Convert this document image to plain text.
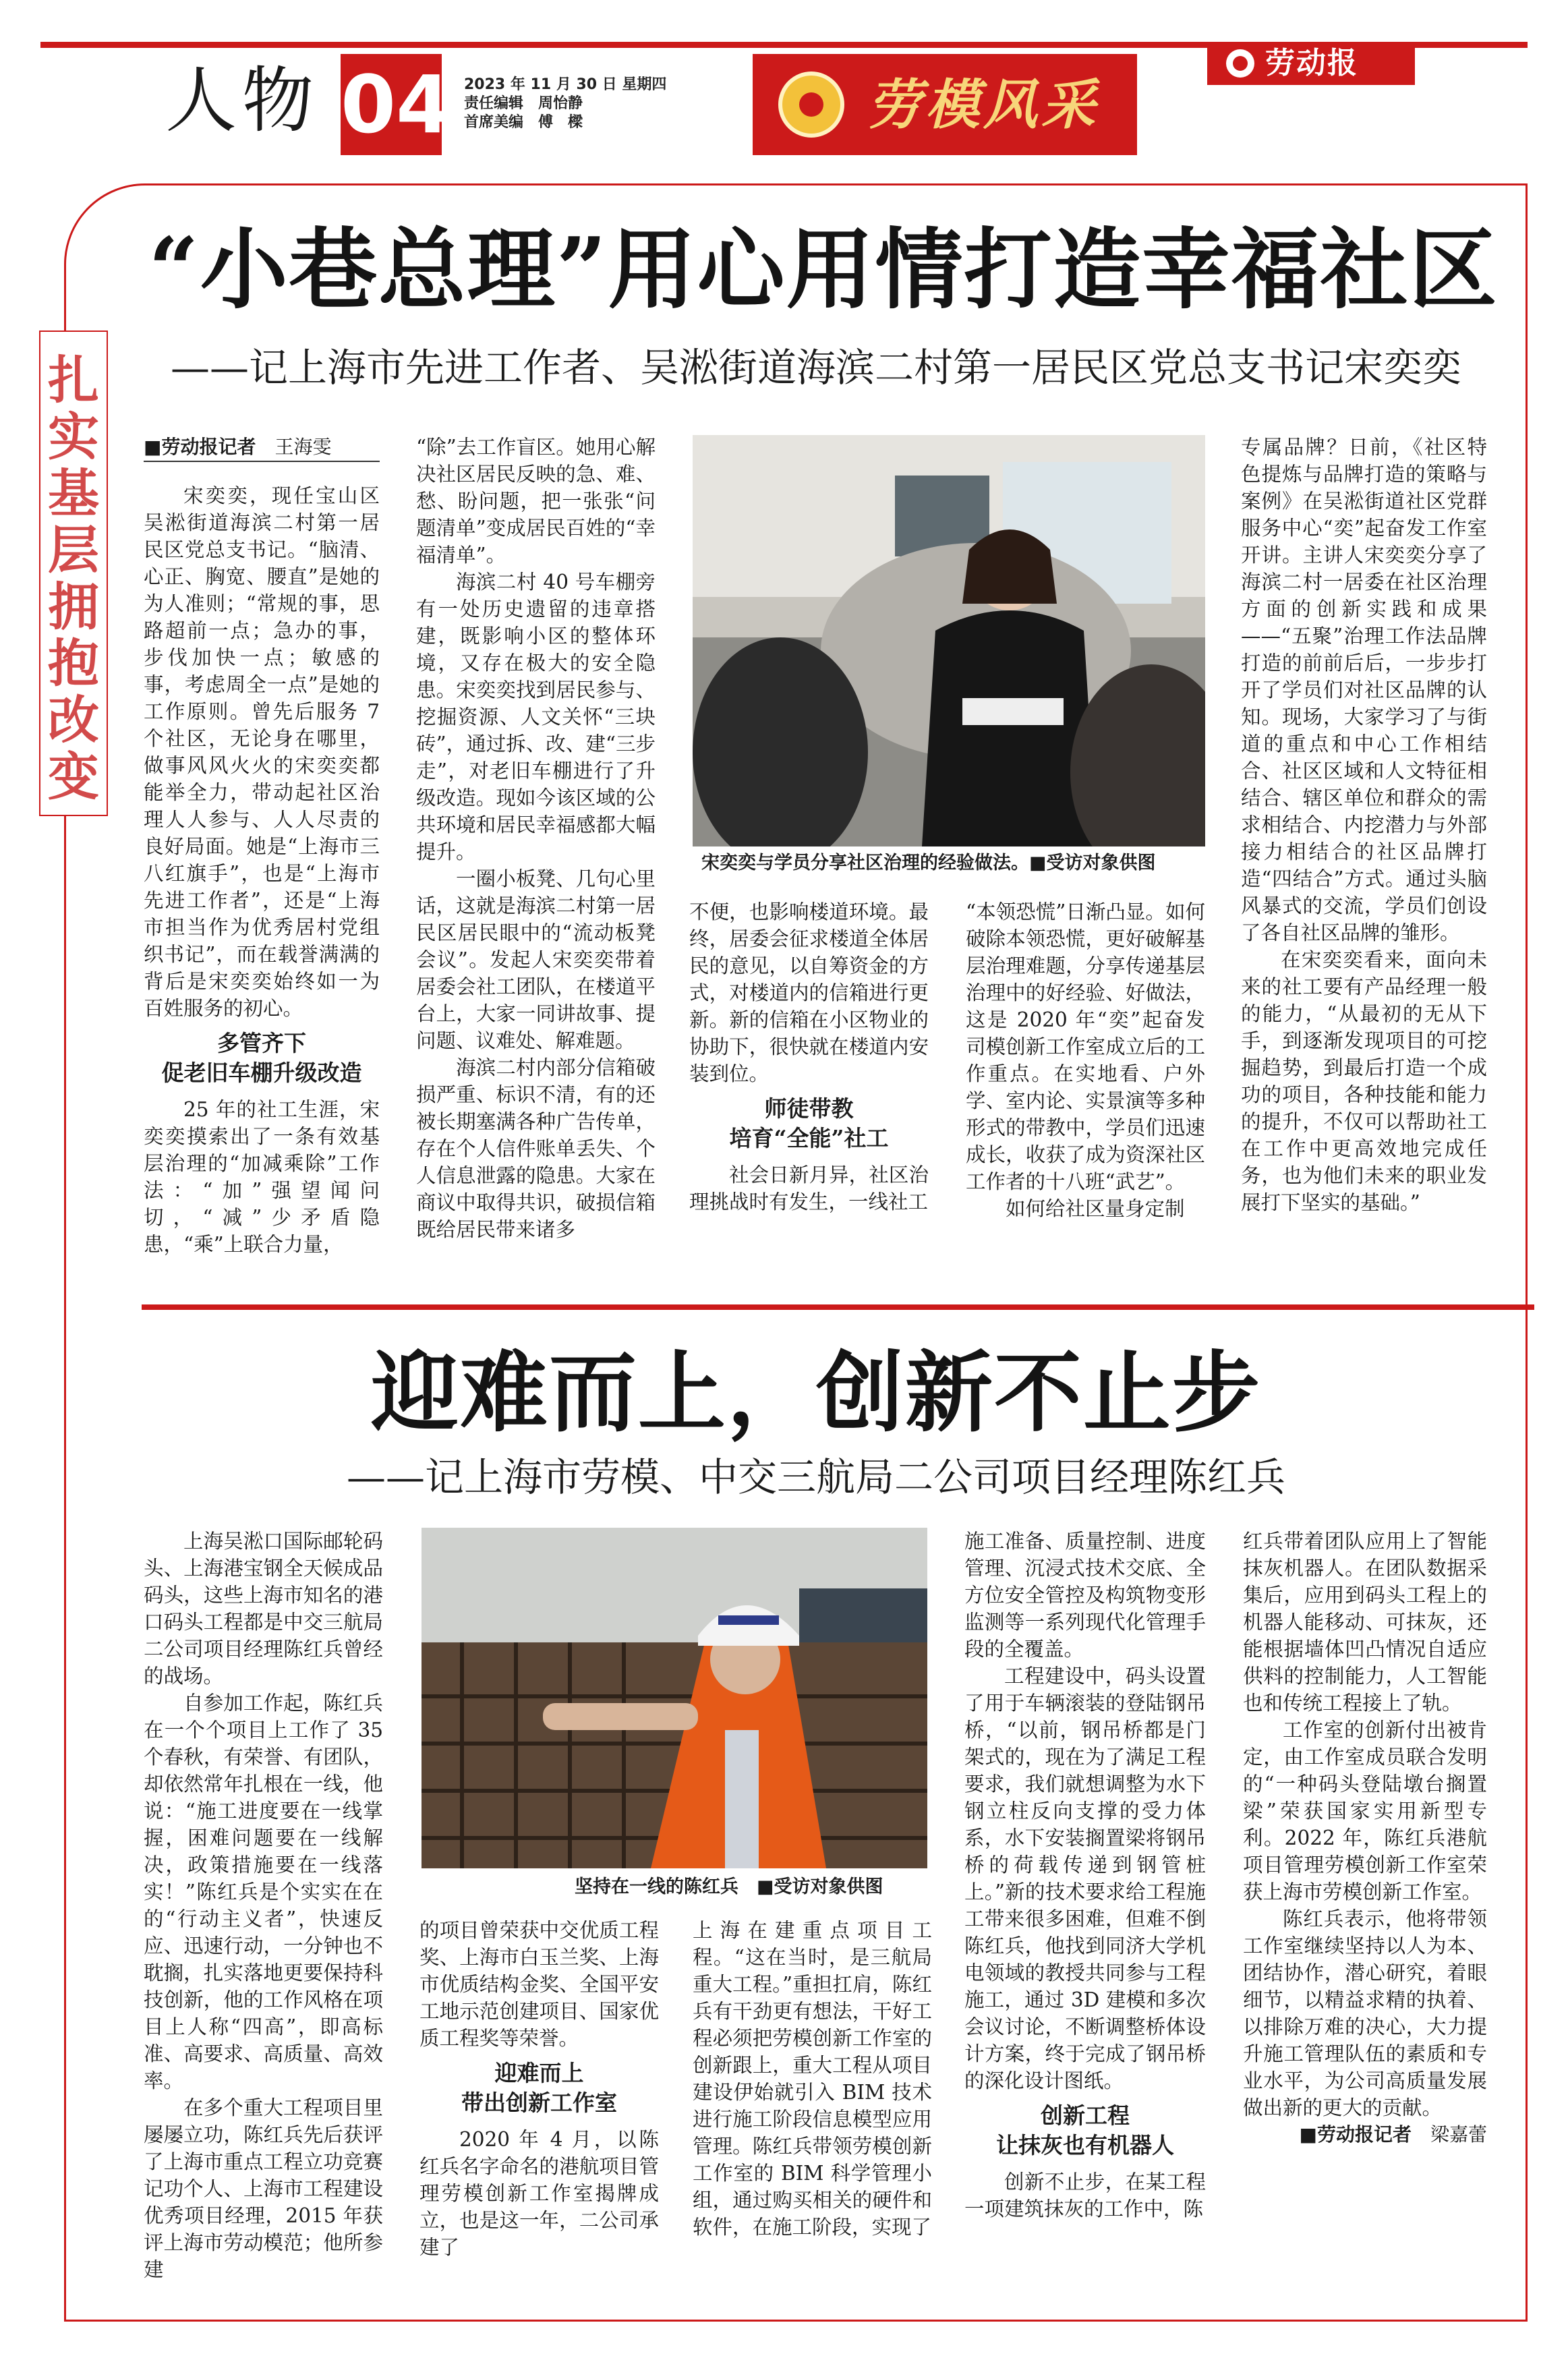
人物 04 2023 年 11 月 30 日 星期四
责任编辑　周怡静
首席美编　傅　樑	劳模风采
劳动报
扎
实
基
层
拥
抱
改
变
“小巷总理”用心用情打造幸福社区
——记上海市先进工作者、吴淞街道海滨二村第一居民区党总支书记宋奕奕
■劳动报记者　 王海雯

宋奕奕，现任宝山区吴淞街道海滨二村第一居民区党总支书记。“脑清、心正、胸宽、腰直”是她的为人准则；“常规的事，思路超前一点；急办的事，步伐加快一点；敏感的事，考虑周全一点”是她的工作原则。曾先后服务 7 个社区，无论身在哪里，做事风风火火的宋奕奕都能举全力，带动起社区治理人人参与、人人尽责的良好局面。她是“上海市三八红旗手”，也是“上海市先进工作者”，还是“上海市担当作为优秀居村党组织书记”，而在载誉满满的背后是宋奕奕始终如一为百姓服务的初心。

多管齐下
促老旧车棚升级改造

25 年的社工生涯，宋奕奕摸索出了一条有效基层治理的“加减乘除”工作法：“加”强望闻问切，“减”少矛盾隐患，“乘”上联合力量，

“除”去工作盲区。她用心解决社区居民反映的急、难、愁、盼问题，把一张张“问题清单”变成居民百姓的“幸福清单”。

海滨二村 40 号车棚旁有一处历史遗留的违章搭建，既影响小区的整体环境，又存在极大的安全隐患。宋奕奕找到居民参与、挖掘资源、人文关怀“三块砖”，通过拆、改、建“三步走”，对老旧车棚进行了升级改造。现如今该区域的公共环境和居民幸福感都大幅提升。

一圈小板凳、几句心里话，这就是海滨二村第一居民区居民眼中的“流动板凳会议”。发起人宋奕奕带着居委会社工团队，在楼道平台上，大家一同讲故事、提问题、议难处、解难题。

海滨二村内部分信箱破损严重、标识不清，有的还被长期塞满各种广告传单，存在个人信件账单丢失、个人信息泄露的隐患。大家在商议中取得共识，破损信箱既给居民带来诸多

宋奕奕与学员分享社区治理的经验做法。■受访对象供图

不便，也影响楼道环境。最终，居委会征求楼道全体居民的意见，以自筹资金的方式，对楼道内的信箱进行更新。新的信箱在小区物业的协助下，很快就在楼道内安装到位。

师徒带教
培育“全能”社工

社会日新月异，社区治理挑战时有发生，一线社工

“本领恐慌”日渐凸显。如何破除本领恐慌，更好破解基层治理难题，分享传递基层治理中的好经验、好做法，这是 2020 年“奕”起奋发司模创新工作室成立后的工作重点。在实地看、户外学、室内论、实景演等多种形式的带教中，学员们迅速成长，收获了成为资深社区工作者的十八班“武艺”。

如何给社区量身定制

专属品牌？日前，《社区特色提炼与品牌打造的策略与案例》在吴淞街道社区党群服务中心“奕”起奋发工作室开讲。主讲人宋奕奕分享了海滨二村一居委在社区治理方面的创新实践和成果——“五聚”治理工作法品牌打造的前前后后，一步步打开了学员们对社区品牌的认知。现场，大家学习了与街道的重点和中心工作相结合、社区区域和人文特征相结合、辖区单位和群众的需求相结合、内挖潜力与外部接力相结合的社区品牌打造“四结合”方式。通过头脑风暴式的交流，学员们创设了各自社区品牌的雏形。

在宋奕奕看来，面向未来的社工要有产品经理一般的能力，“从最初的无从下手，到逐渐发现项目的可挖掘趋势，到最后打造一个成功的项目，各种技能和能力的提升，不仅可以帮助社工在工作中更高效地完成任务，也为他们未来的职业发展打下坚实的基础。”

迎难而上，创新不止步
——记上海市劳模、中交三航局二公司项目经理陈红兵

上海吴淞口国际邮轮码头、上海港宝钢全天候成品码头，这些上海市知名的港口码头工程都是中交三航局二公司项目经理陈红兵曾经的战场。

自参加工作起，陈红兵在一个个项目上工作了 35 个春秋，有荣誉、有团队，却依然常年扎根在一线，他说：“施工进度要在一线掌握，困难问题要在一线解决，政策措施要在一线落实！”陈红兵是个实实在在的“行动主义者”，快速反应、迅速行动，一分钟也不耽搁，扎实落地更要保持科技创新，他的工作风格在项目上人称“四高”，即高标准、高要求、高质量、高效率。

在多个重大工程项目里屡屡立功，陈红兵先后获评了上海市重点工程立功竞赛记功个人、上海市工程建设优秀项目经理，2015 年获评上海市劳动模范；他所参建

坚持在一线的陈红兵　■受访对象供图

的项目曾荣获中交优质工程奖、上海市白玉兰奖、上海市优质结构金奖、全国平安工地示范创建项目、国家优质工程奖等荣誉。

迎难而上
带出创新工作室

2020 年 4 月，以陈红兵名字命名的港航项目管理劳模创新工作室揭牌成立，也是这一年，二公司承建了

上海在建重点项目工程。“这在当时，是三航局重大工程。”重担扛肩，陈红兵有干劲更有想法，干好工程必须把劳模创新工作室的创新跟上，重大工程从项目建设伊始就引入 BIM 技术进行施工阶段信息模型应用管理。陈红兵带领劳模创新工作室的 BIM 科学管理小组，通过购买相关的硬件和软件，在施工阶段，实现了

施工准备、质量控制、进度管理、沉浸式技术交底、全方位安全管控及构筑物变形监测等一系列现代化管理手段的全覆盖。

工程建设中，码头设置了用于车辆滚装的登陆钢吊桥，“以前，钢吊桥都是门架式的，现在为了满足工程要求，我们就想调整为水下钢立柱反向支撑的受力体系，水下安装搁置梁将钢吊桥的荷载传递到钢管桩上。”新的技术要求给工程施工带来很多困难，但难不倒陈红兵，他找到同济大学机电领域的教授共同参与工程施工，通过 3D 建模和多次会议讨论，不断调整桥体设计方案，终于完成了钢吊桥的深化设计图纸。

创新工程
让抹灰也有机器人

创新不止步，在某工程一项建筑抹灰的工作中，陈

红兵带着团队应用上了智能抹灰机器人。在团队数据采集后，应用到码头工程上的机器人能移动、可抹灰，还能根据墙体凹凸情况自适应供料的控制能力，人工智能也和传统工程接上了轨。

工作室的创新付出被肯定，由工作室成员联合发明的“一种码头登陆墩台搁置梁”荣获国家实用新型专利。2022 年，陈红兵港航项目管理劳模创新工作室荣获上海市劳模创新工作室。

陈红兵表示，他将带领工作室继续坚持以人为本、团结协作，潜心研究，着眼细节，以精益求精的执着、以排除万难的决心，大力提升施工管理队伍的素质和专业水平，为公司高质量发展做出新的更大的贡献。

■劳动报记者　 梁嘉蕾
